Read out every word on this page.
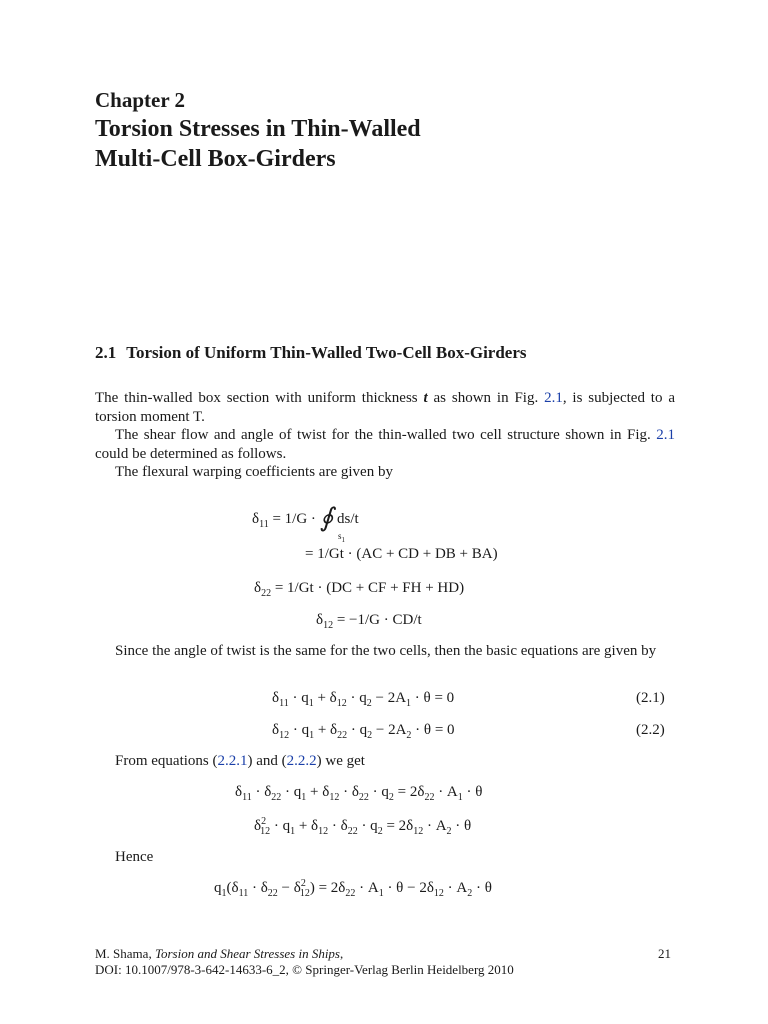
Chapter 2
Torsion Stresses in Thin-Walled
Multi-Cell Box-Girders
2.1 Torsion of Uniform Thin-Walled Two-Cell Box-Girders
The thin-walled box section with uniform thickness t as shown in Fig. 2.1, is subjected to a torsion moment T.
The shear flow and angle of twist for the thin-walled two cell structure shown in Fig. 2.1 could be determined as follows.
The flexural warping coefficients are given by
$\delta_{11} = 1/G$ · ∮ ds/t
$s_1$
= 1/Gt · (AC + CD + DB + BA)
$\delta_{22} = 1/Gt \cdot (DC$ + CF + FH + HD)
$\delta_{12} = -1/G \cdot CD/t$
Since the angle of twist is the same for the two cells, then the basic equations are given by
$\delta_{11} \cdot q_1 + \delta_{12} \cdot q_2 - 2A_1 \cdot \theta = 0$	(2.1)
$\delta_{12} \cdot q_1 + \delta_{22} \cdot q_2 - 2A_2 \cdot \theta = 0$	(2.2)
From equations (2.2.1) and (2.2.2) we get
$\delta_{11} \cdot \delta_{22} \cdot q_1 + \delta_{12} \cdot \delta_{22} \cdot q_2 = 2\delta_{22} \cdot A_1 \cdot \theta$
$\delta^2_{12} \cdot q_1 + \delta_{12} \cdot \delta_{22} \cdot q_2 = 2\delta_{12} \cdot A_2 \cdot \theta$
Hence
$q_1(\delta_{11} \cdot \delta_{22} - \delta^2_{12}) = 2\delta_{22} \cdot A_1 \cdot \theta - 2\delta_{12} \cdot A_2 \cdot \theta$
M. Shama, Torsion and Shear Stresses in Ships,
DOI: 10.1007/978-3-642-14633-6_2, © Springer-Verlag Berlin Heidelberg 2010
21
